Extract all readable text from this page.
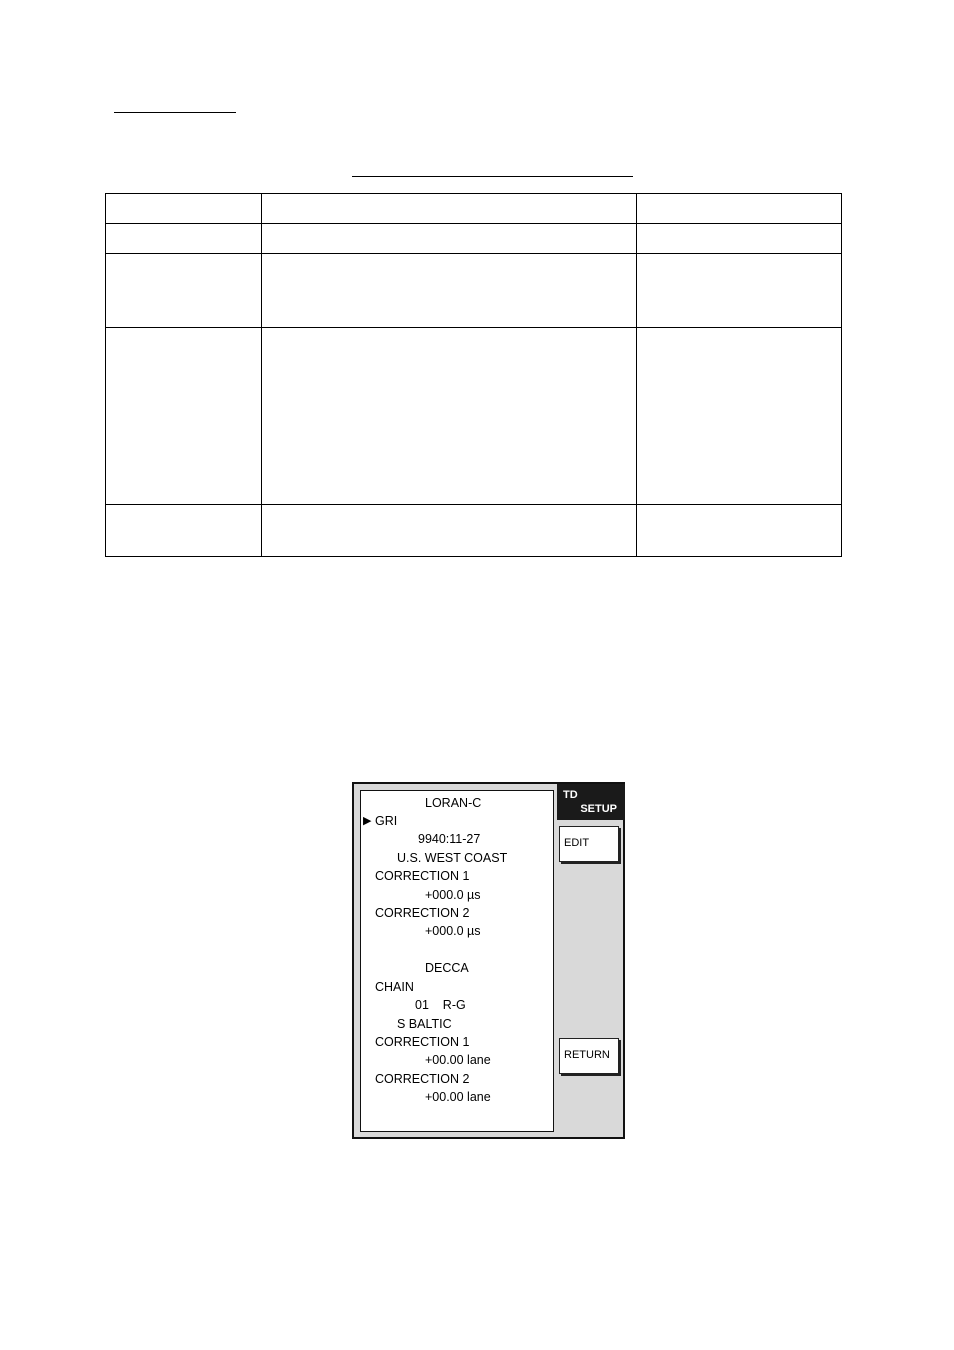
LORAN-C
▶ GRI
9940:11-27
U.S. WEST COAST
CORRECTION 1
+000.0 µs
CORRECTION 2
+000.0 µs
DECCA
CHAIN
01    R-G
S BALTIC
CORRECTION 1
+00.00 lane
CORRECTION 2
+00.00 lane
TD
SETUP
EDIT
RETURN
